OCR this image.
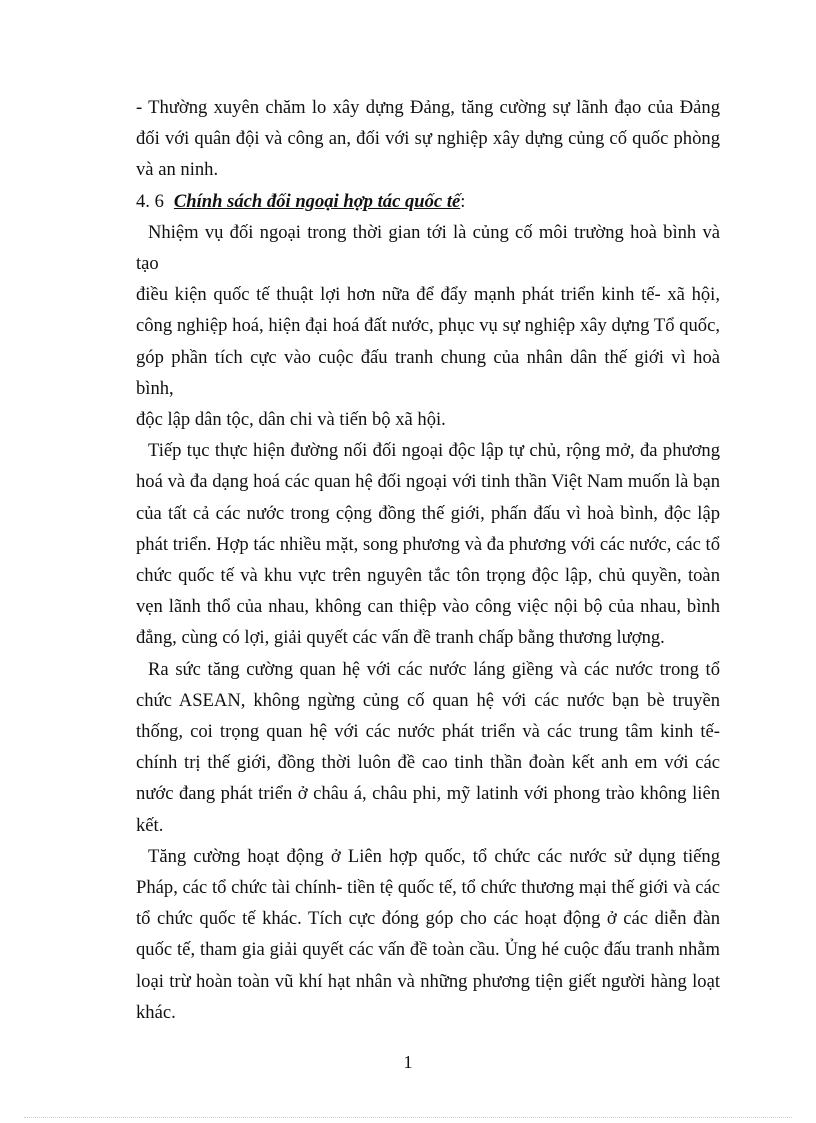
- Thường xuyên chăm lo xây dựng Đảng, tăng cường sự lãnh đạo của Đảng
đối với quân đội và công an, đối với sự nghiệp xây dựng củng cố quốc phòng
và an ninh.

4. 6 Chính sách đối ngoại hợp tác quốc tế:

Nhiệm vụ đối ngoại trong thời gian tới là củng cố môi trường hoà bình và tạo
điều kiện quốc tế thuật lợi hơn nữa để đẩy mạnh phát triển kinh tế- xã hội,
công nghiệp hoá, hiện đại hoá đất nước, phục vụ sự nghiệp xây dựng Tổ quốc,
góp phần tích cực vào cuộc đấu tranh chung của nhân dân thế giới vì hoà bình,
độc lập dân tộc, dân chi và tiến bộ xã hội.

Tiếp tục thực hiện đường nối đối ngoại độc lập tự chủ, rộng mở, đa phương
hoá và đa dạng hoá các quan hệ đối ngoại với tinh thần Việt Nam muốn là bạn
của tất cả các nước trong cộng đồng thế giới, phấn đấu vì hoà bình, độc lập
phát triển. Hợp tác nhiều mặt, song phương và đa phương với các nước, các tổ
chức quốc tế và khu vực trên nguyên tắc tôn trọng độc lập, chủ quyền, toàn
vẹn lãnh thổ của nhau, không can thiệp vào công việc nội bộ của nhau, bình
đẳng, cùng có lợi, giải quyết các vấn đề tranh chấp bằng thương lượng.

Ra sức tăng cường quan hệ với các nước láng giềng và các nước trong tổ
chức ASEAN, không ngừng củng cố quan hệ với các nước bạn bè truyền
thống, coi trọng quan hệ với các nước phát triển và các trung tâm kinh tế-
chính trị thế giới, đồng thời luôn đề cao tinh thần đoàn kết anh em với các
nước đang phát triển ở châu á, châu phi, mỹ latinh với phong trào không liên
kết.

Tăng cường hoạt động ở Liên hợp quốc, tổ chức các nước sử dụng tiếng
Pháp, các tổ chức tài chính- tiền tệ quốc tế, tổ chức thương mại thế giới và các
tổ chức quốc tế khác. Tích cực đóng góp cho các hoạt động ở các diễn đàn
quốc tế, tham gia giải quyết các vấn đề toàn cầu. Ủng hé cuộc đấu tranh nhằm
loại trừ hoàn toàn vũ khí hạt nhân và những phương tiện giết người hàng loạt
khác.

1
